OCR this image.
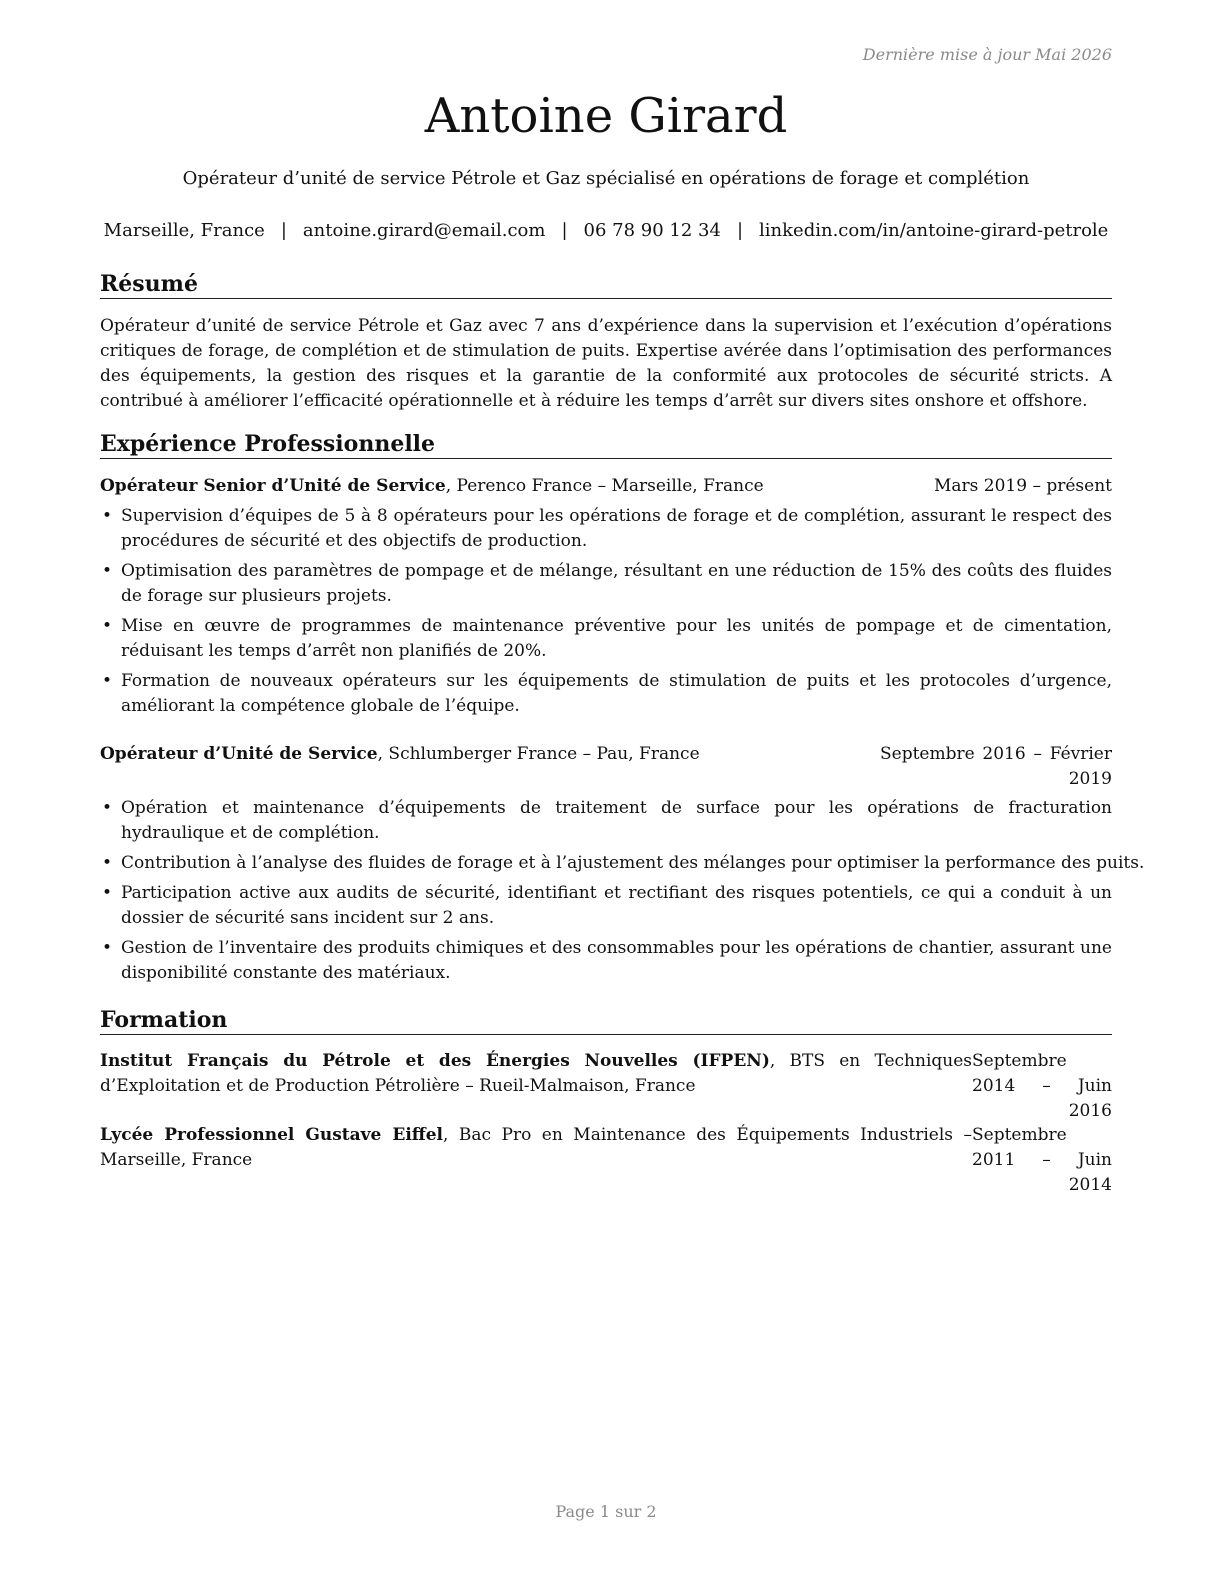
Dernière mise à jour Mai 2026
Antoine Girard
Opérateur d’unité de service Pétrole et Gaz spécialisé en opérations de forage et complétion
Marseille, France | antoine.girard@email.com | 06 78 90 12 34 | linkedin.com/in/antoine-girard-petrole
Résumé
Opérateur d’unité de service Pétrole et Gaz avec 7 ans d’expérience dans la supervision et l’exécution d’opérations critiques de forage, de complétion et de stimulation de puits. Expertise avérée dans l’optimisation des performances des équipements, la gestion des risques et la garantie de la conformité aux protocoles de sécurité stricts. A contribué à améliorer l’efficacité opérationnelle et à réduire les temps d’arrêt sur divers sites onshore et offshore.
Expérience Professionnelle
Opérateur Senior d’Unité de Service, Perenco France – Marseille, France	Mars 2019 – présent
• Supervision d’équipes de 5 à 8 opérateurs pour les opérations de forage et de complétion, assurant le respect des procédures de sécurité et des objectifs de production.
• Optimisation des paramètres de pompage et de mélange, résultant en une réduction de 15% des coûts des fluides de forage sur plusieurs projets.
• Mise en œuvre de programmes de maintenance préventive pour les unités de pompage et de cimentation, réduisant les temps d’arrêt non planifiés de 20%.
• Formation de nouveaux opérateurs sur les équipements de stimulation de puits et les protocoles d’urgence, améliorant la compétence globale de l’équipe.
Opérateur d’Unité de Service, Schlumberger France – Pau, France	Septembre 2016 – Février 2019
• Opération et maintenance d’équipements de traitement de surface pour les opérations de fracturation hydraulique et de complétion.
• Contribution à l’analyse des fluides de forage et à l’ajustement des mélanges pour optimiser la performance des puits.
• Participation active aux audits de sécurité, identifiant et rectifiant des risques potentiels, ce qui a conduit à un dossier de sécurité sans incident sur 2 ans.
• Gestion de l’inventaire des produits chimiques et des consommables pour les opérations de chantier, assurant une disponibilité constante des matériaux.
Formation
Institut Français du Pétrole et des Énergies Nouvelles (IFPEN), BTS en Techniques d’Exploitation et de Production Pétrolière – Rueil-Malmaison, France
Septembre 2014 – Juin 2016
Lycée Professionnel Gustave Eiffel, Bac Pro en Maintenance des Équipements Industriels – Marseille, France
Septembre 2011 – Juin 2014
Page 1 sur 2
